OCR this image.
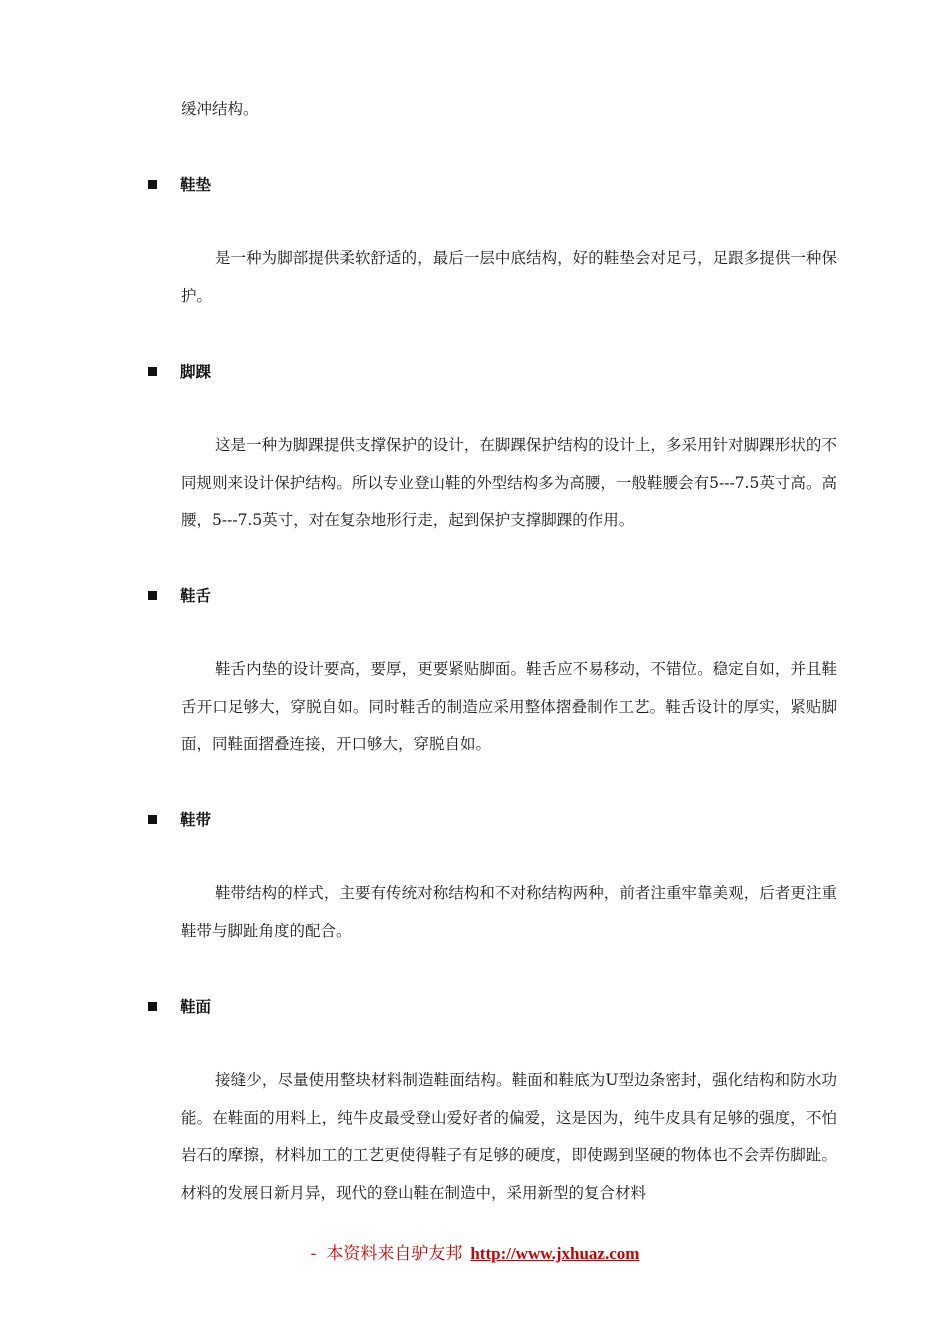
缓冲结构。

鞋垫

是一种为脚部提供柔软舒适的，最后一层中底结构，好的鞋垫会对足弓，足跟多提供一种保护。

脚踝

这是一种为脚踝提供支撑保护的设计，在脚踝保护结构的设计上，多采用针对脚踝形状的不同规则来设计保护结构。所以专业登山鞋的外型结构多为高腰，一般鞋腰会有5---7.5英寸高。高腰，5---7.5英寸，对在复杂地形行走，起到保护支撑脚踝的作用。

鞋舌

鞋舌内垫的设计要高，要厚，更要紧贴脚面。鞋舌应不易移动，不错位。稳定自如，并且鞋舌开口足够大，穿脱自如。同时鞋舌的制造应采用整体摺叠制作工艺。鞋舌设计的厚实，紧贴脚面，同鞋面摺叠连接，开口够大，穿脱自如。

鞋带

鞋带结构的样式，主要有传统对称结构和不对称结构两种，前者注重牢靠美观，后者更注重鞋带与脚趾角度的配合。

鞋面

接缝少，尽量使用整块材料制造鞋面结构。鞋面和鞋底为U型边条密封，强化结构和防水功能。在鞋面的用料上，纯牛皮最受登山爱好者的偏爱，这是因为，纯牛皮具有足够的强度，不怕岩石的摩擦，材料加工的工艺更使得鞋子有足够的硬度，即使踢到坚硬的物体也不会弄伤脚趾。材料的发展日新月异，现代的登山鞋在制造中，采用新型的复合材料

- 本资料来自驴友邦 http://www.jxhuaz.com
